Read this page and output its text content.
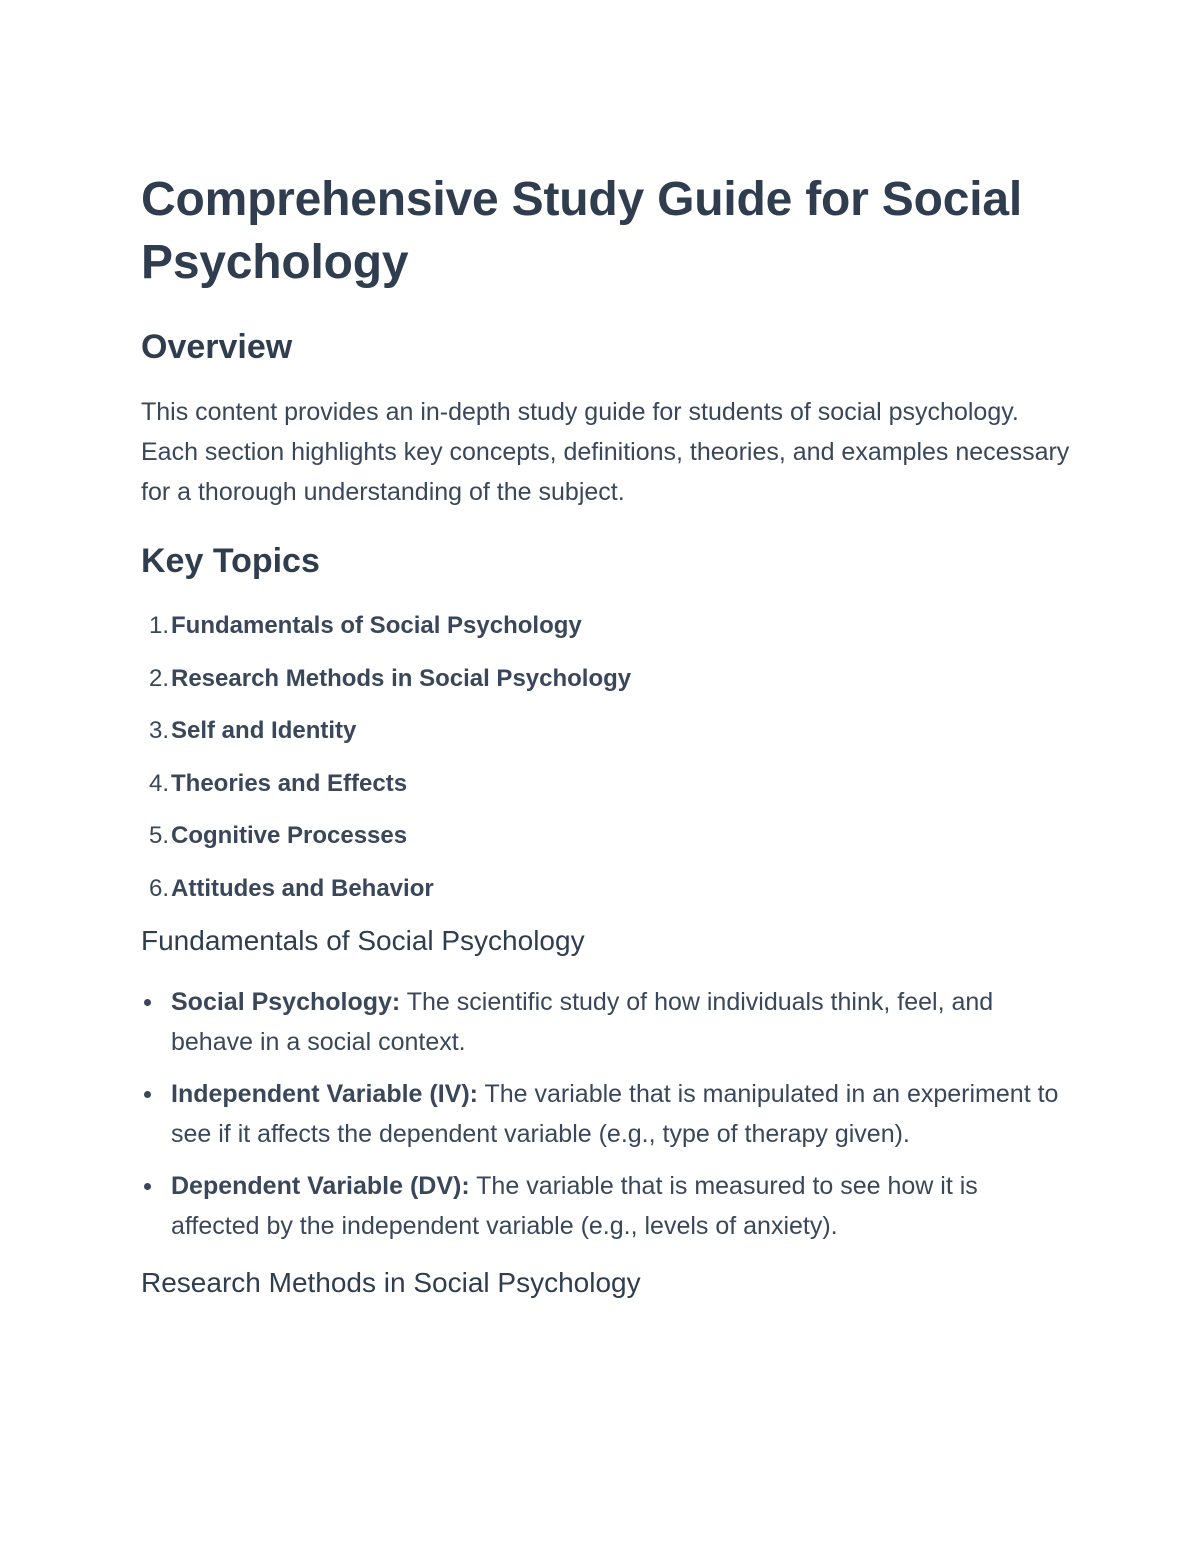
Comprehensive Study Guide for Social Psychology
Overview

This content provides an in-depth study guide for students of social psychology. Each section highlights key concepts, definitions, theories, and examples necessary for a thorough understanding of the subject.

Key Topics
1. Fundamentals of Social Psychology
2. Research Methods in Social Psychology
3. Self and Identity
4. Theories and Effects
5. Cognitive Processes
6. Attitudes and Behavior
Fundamentals of Social Psychology
Social Psychology: The scientific study of how individuals think, feel, and behave in a social context.
Independent Variable (IV): The variable that is manipulated in an experiment to see if it affects the dependent variable (e.g., type of therapy given).
Dependent Variable (DV): The variable that is measured to see how it is affected by the independent variable (e.g., levels of anxiety).
Research Methods in Social Psychology
